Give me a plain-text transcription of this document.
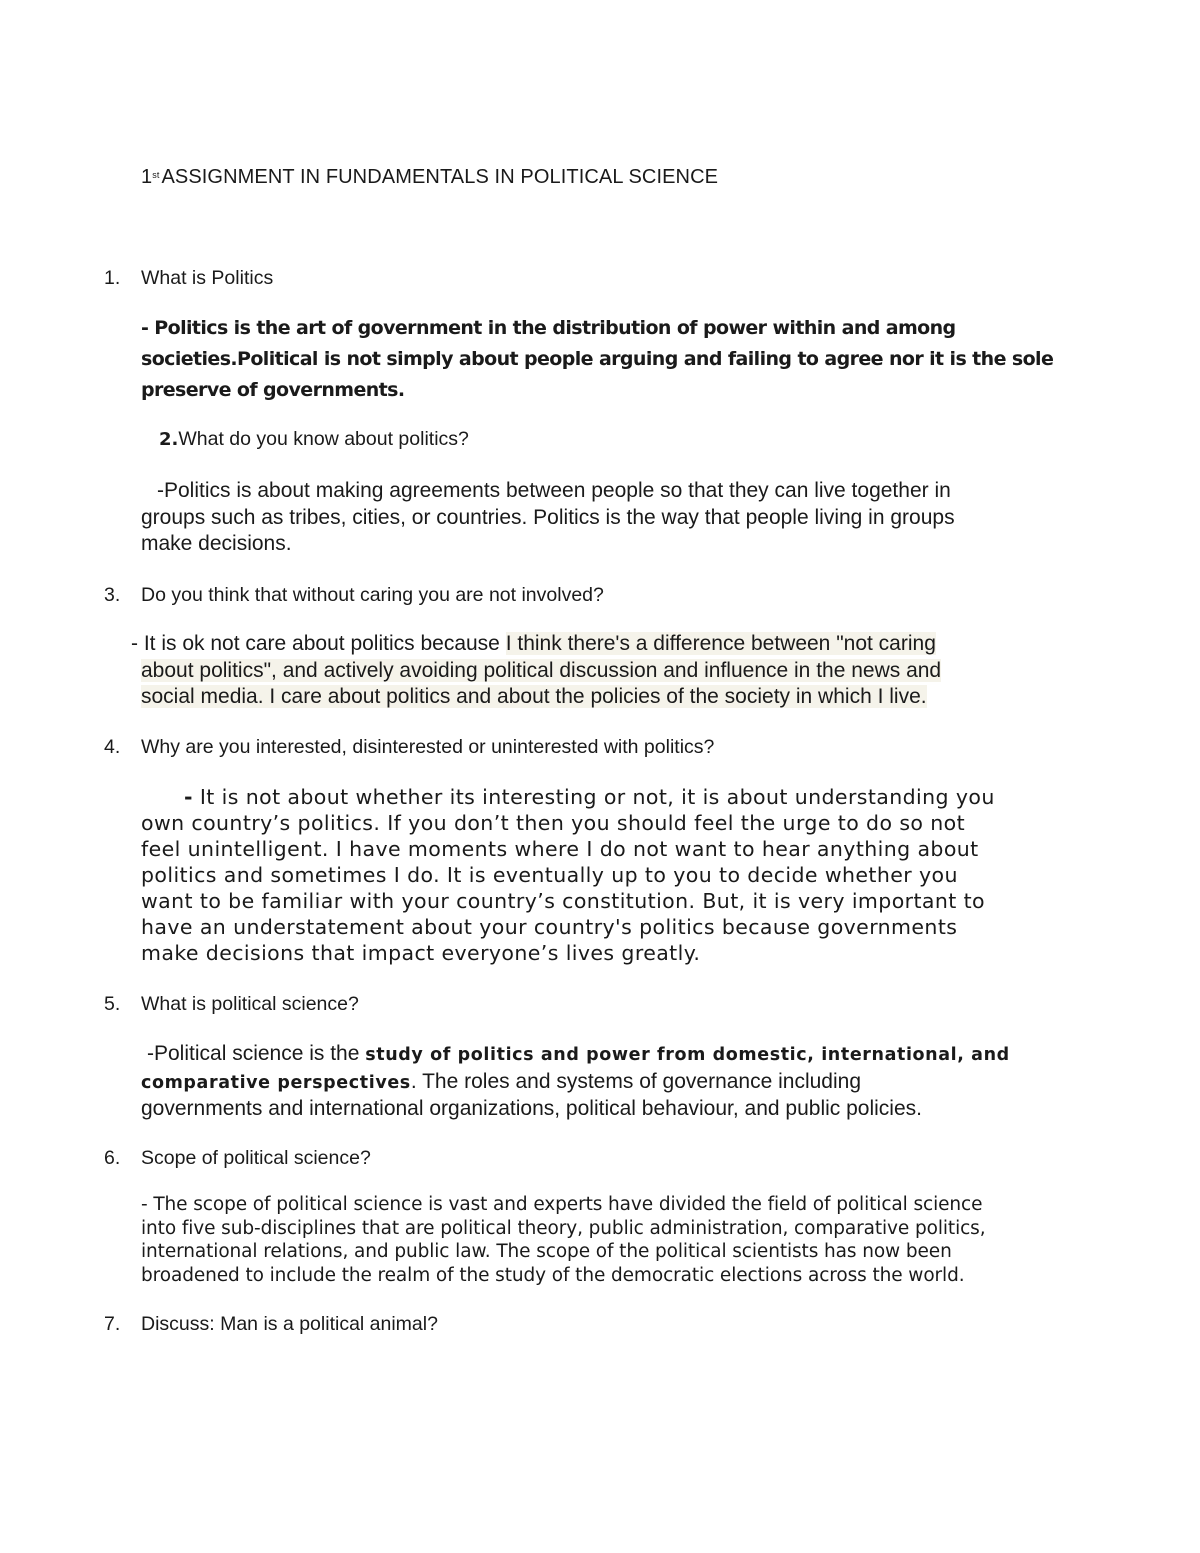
1st ASSIGNMENT IN FUNDAMENTALS IN POLITICAL SCIENCE
1. What is Politics
- Politics is the art of government in the distribution of power within and among
societies.Political is not simply about people arguing and failing to agree nor it is the sole
preserve of governments.
2.What do you know about politics?
-Politics is about making agreements between people so that they can live together in
groups such as tribes, cities, or countries. Politics is the way that people living in groups
make decisions.
3. Do you think that without caring you are not involved?
- It is ok not care about politics because I think there's a difference between "not caring
about politics", and actively avoiding political discussion and influence in the news and
social media. I care about politics and about the policies of the society in which I live.
4. Why are you interested, disinterested or uninterested with politics?
- It is not about whether its interesting or not, it is about understanding you
own country’s politics. If you don’t then you should feel the urge to do so not
feel unintelligent. I have moments where I do not want to hear anything about
politics and sometimes I do. It is eventually up to you to decide whether you
want to be familiar with your country’s constitution. But, it is very important to
have an understatement about your country's politics because governments
make decisions that impact everyone’s lives greatly.
5. What is political science?
-Political science is the study of politics and power from domestic, international, and
comparative perspectives. The roles and systems of governance including
governments and international organizations, political behaviour, and public policies.
6. Scope of political science?
- The scope of political science is vast and experts have divided the field of political science
into five sub-disciplines that are political theory, public administration, comparative politics,
international relations, and public law. The scope of the political scientists has now been
broadened to include the realm of the study of the democratic elections across the world.
7. Discuss: Man is a political animal?
